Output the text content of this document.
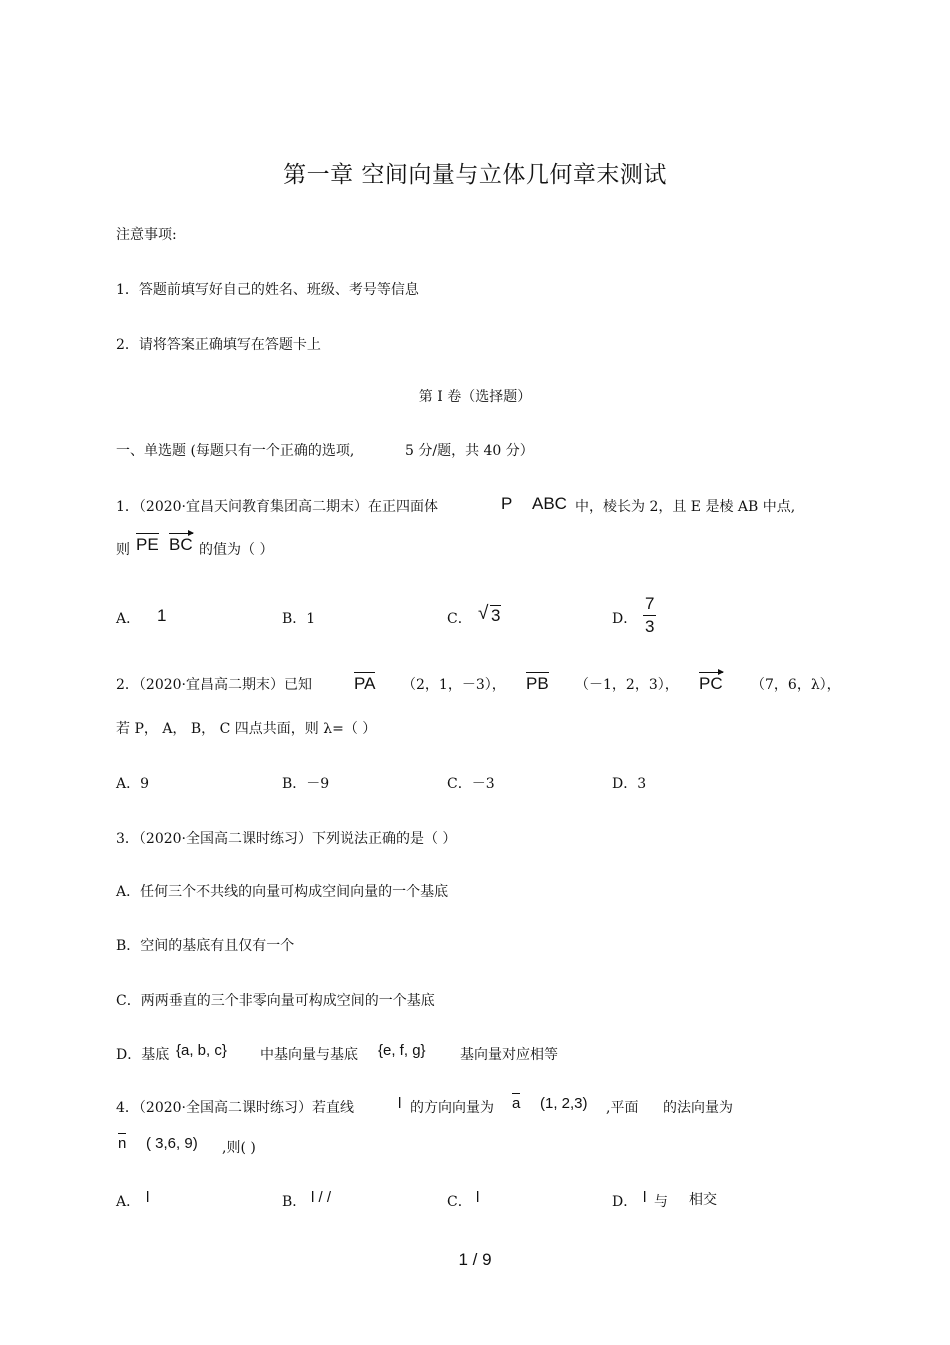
第一章 空间向量与立体几何章末测试
注意事项:
1．答题前填写好自己的姓名、班级、考号等信息
2．请将答案正确填写在答题卡上
第 I 卷（选择题）
一、单选题 (每题只有一个正确的选项,	5 分/题，共 40 分）
1．（2020·宜昌天问教育集团高二期末）在正四面体	P ABC 中，棱长为 2，且 E 是棱 AB 中点,
则 PE BC 的值为（ ）
A． 1	B．1	C．
√	3	D． $\frac{7}{3}$
2．（2020·宜昌高二期末）已知 PA （2，1，－3）， PB （－1，2，3）， PC （7，6，λ），
若 P， A， B， C 四点共面，则 λ=（ ）
A．9	B．－9	C．－3	D．3
3．（2020·全国高二课时练习）下列说法正确的是（ ）
A．任何三个不共线的向量可构成空间向量的一个基底
B．空间的基底有且仅有一个
C．两两垂直的三个非零向量可构成空间的一个基底
D．基底 {a, b, c} 中基向量与基底 {e, f, g} 基向量对应相等
4．（2020·全国高二课时练习）若直线	l 的方向向量为 a (1, 2,3) ,平面 的法向量为
n ( 3,6, 9) ,则( )
A． l	B． l / /	C． l	D． l 与 相交
1 / 9
